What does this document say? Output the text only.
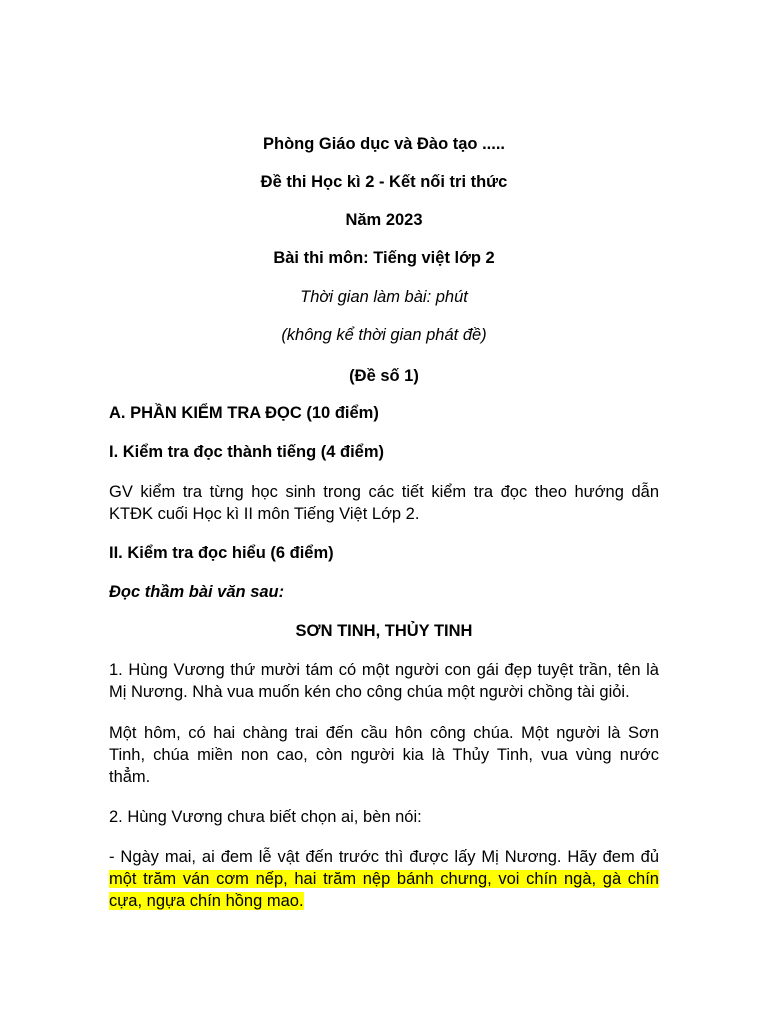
Phòng Giáo dục và Đào tạo .....
Đề thi Học kì 2 - Kết nối tri thức
Năm 2023
Bài thi môn: Tiếng việt lớp 2
Thời gian làm bài: phút
(không kể thời gian phát đề)
(Đề số 1)
A. PHẦN KIỂM TRA ĐỌC (10 điểm)
I. Kiểm tra đọc thành tiếng (4 điểm)
GV kiểm tra từng học sinh trong các tiết kiểm tra đọc theo hướng dẫn
KTĐK cuối Học kì II môn Tiếng Việt Lớp 2.
II. Kiểm tra đọc hiểu (6 điểm)
Đọc thầm bài văn sau:
SƠN TINH, THỦY TINH
1. Hùng Vương thứ mười tám có một người con gái đẹp tuyệt trần, tên là
Mị Nương. Nhà vua muốn kén cho công chúa một người chồng tài giỏi.
Một hôm, có hai chàng trai đến cầu hôn công chúa. Một người là Sơn
Tinh, chúa miền non cao, còn người kia là Thủy Tinh, vua vùng nước
thẳm.
2. Hùng Vương chưa biết chọn ai, bèn nói:
- Ngày mai, ai đem lễ vật đến trước thì được lấy Mị Nương. Hãy đem đủ
một trăm ván cơm nếp, hai trăm nệp bánh chưng, voi chín ngà, gà chín
cựa, ngựa chín hồng mao.
